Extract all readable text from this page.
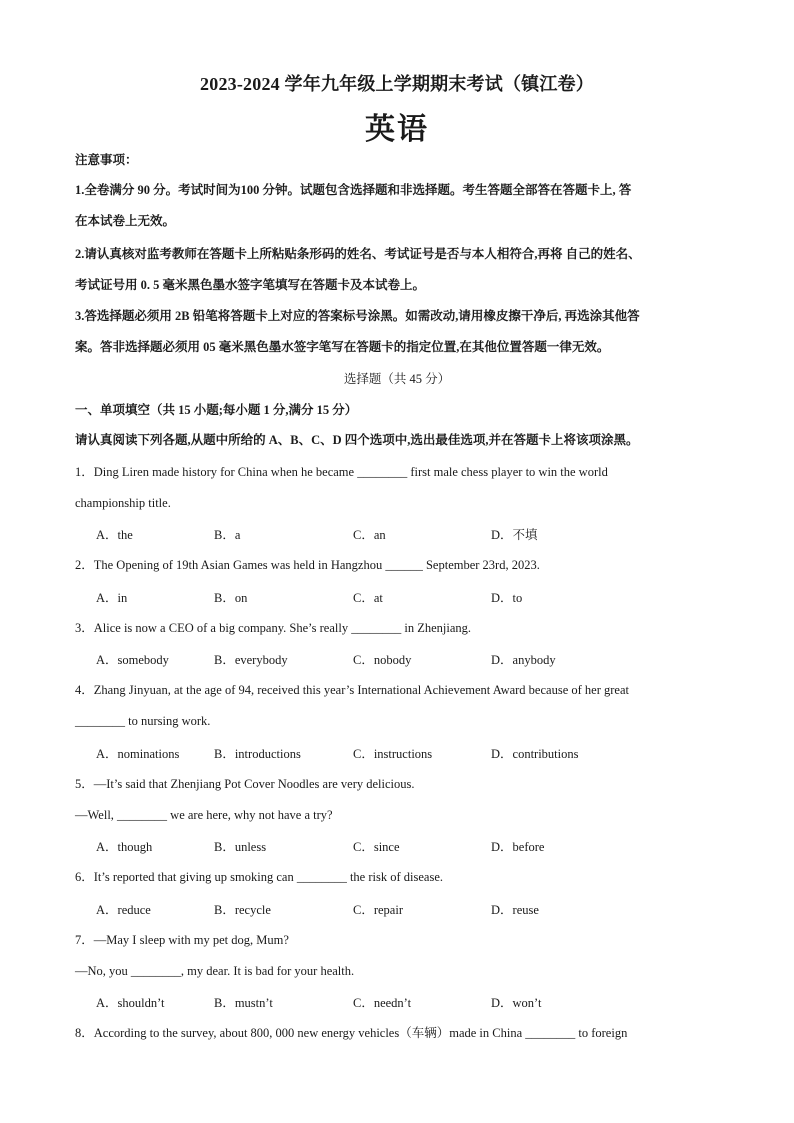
2023-2024 学年九年级上学期期末考试（镇江卷）
英语
注意事项：
1.全卷满分 90 分。考试时间为100 分钟。试题包含选择题和非选择题。考生答题全部答在答题卡上, 答
在本试卷上无效。
2.请认真核对监考教师在答题卡上所粘贴条形码的姓名、考试证号是否与本人相符合,再将 自己的姓名、
考试证号用 0. 5 毫米黑色墨水签字笔填写在答题卡及本试卷上。
3.答选择题必须用 2B 铅笔将答题卡上对应的答案标号涂黑。如需改动,请用橡皮擦干净后, 再选涂其他答
案。答非选择题必须用 05 毫米黑色墨水签字笔写在答题卡的指定位置,在其他位置答题一律无效。
选择题（共 45 分）
一、单项填空（共 15 小题;每小题 1 分,满分 15 分）
请认真阅读下列各题,从题中所给的 A、B、C、D 四个选项中,选出最佳选项,并在答题卡上将该项涂黑。
1．Ding Liren made history for China when he became ________ first male chess player to win the world
championship title.
A．the	B．a	C．an	D．不填
2．The Opening of 19th Asian Games was held in Hangzhou ______ September 23rd, 2023.
A．in	B．on	C．at	D．to
3．Alice is now a CEO of a big company. She’s really ________ in Zhenjiang.
A．somebody	B．everybody	C．nobody	D．anybody
4．Zhang Jinyuan, at the age of 94, received this year’s International Achievement Award because of her great
________ to nursing work.
A．nominations	B．introductions	C．instructions	D．contributions
5．—It’s said that Zhenjiang Pot Cover Noodles are very delicious.
—Well, ________ we are here, why not have a try?
A．though	B．unless	C．since	D．before
6．It’s reported that giving up smoking can ________ the risk of disease.
A．reduce	B．recycle	C．repair	D．reuse
7．—May I sleep with my pet dog, Mum?
—No, you ________, my dear. It is bad for your health.
A．shouldn’t	B．mustn’t	C．needn’t	D．won’t
8．According to the survey, about 800, 000 new energy vehicles（车辆）made in China ________ to foreign
